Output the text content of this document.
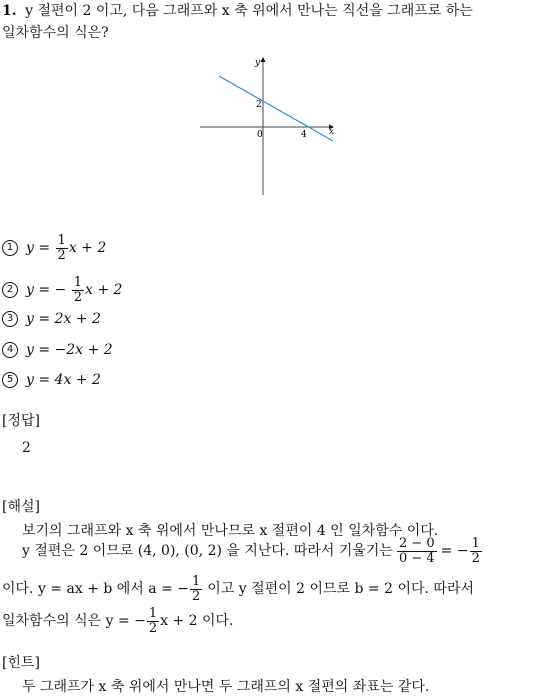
1. y 절편이 2 이고, 다음 그래프와 x 축 위에서 만나는 직선을 그래프로 하는
일차함수의 식은?
y
x
0	4
2
1 $y = \frac{1}{2}$ x + 2
2 y = − $\frac{1}{2}$ x + 2
3 y = 2x + 2
4 y = −2x + 2
5 y = 4x + 2
[정답]
2
[해설]
보기의 그래프와 x 축 위에서 만나므로 x 절편이 4 인 일차함수 이다.
y 절편은 2 이므로 (4, 0), (0, 2) 을 지난다. 따라서 기울기는 $\frac{2 - 0}{0 - 4}$ = − $\frac{1}{2}$
이다. y = ax + b 에서 a = − $\frac{1}{2}$ 이고 y 절편이 2 이므로 b = 2 이다. 따라서
일차함수의 식은 y = − $\frac{1}{2}$ x + 2 이다.
[힌트]
두 그래프가 x 축 위에서 만나면 두 그래프의 x 절편의 좌표는 같다.
